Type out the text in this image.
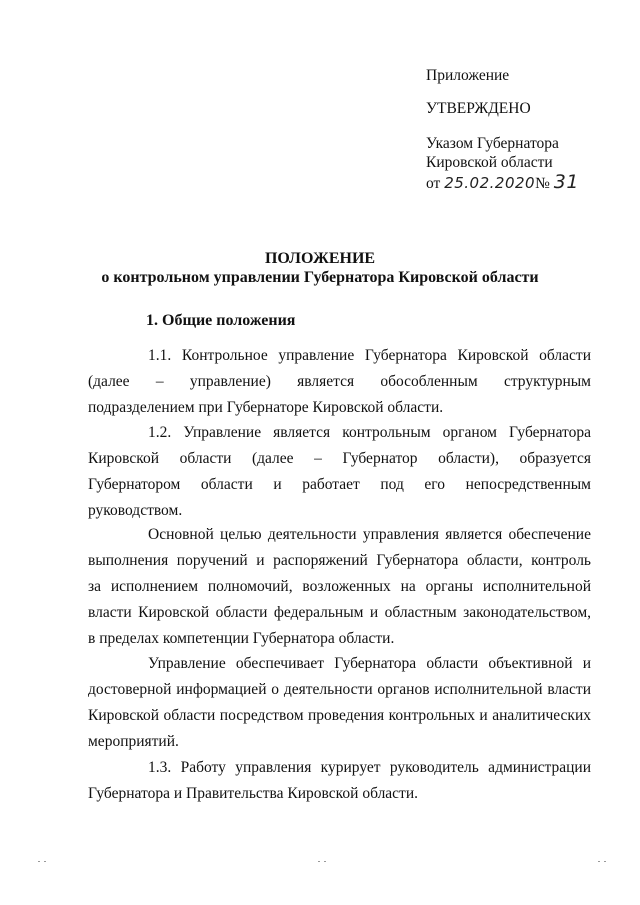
Приложение
УТВЕРЖДЕНО
Указом Губернатора
Кировской области
от 25.02.2020№ 31
ПОЛОЖЕНИЕ
о контрольном управлении Губернатора Кировской области
1. Общие положения
1.1. Контрольное управление Губернатора Кировской области
(далее – управление) является обособленным структурным
подразделением при Губернаторе Кировской области.
1.2. Управление является контрольным органом Губернатора
Кировской области (далее – Губернатор области), образуется
Губернатором области и работает под его непосредственным
руководством.
Основной целью деятельности управления является обеспечение
выполнения поручений и распоряжений Губернатора области, контроль
за исполнением полномочий, возложенных на органы исполнительной
власти Кировской области федеральным и областным законодательством,
в пределах компетенции Губернатора области.
Управление обеспечивает Губернатора области объективной и
достоверной информацией о деятельности органов исполнительной власти
Кировской области посредством проведения контрольных и аналитических
мероприятий.
1.3. Работу управления курирует руководитель администрации
Губернатора и Правительства Кировской области.
